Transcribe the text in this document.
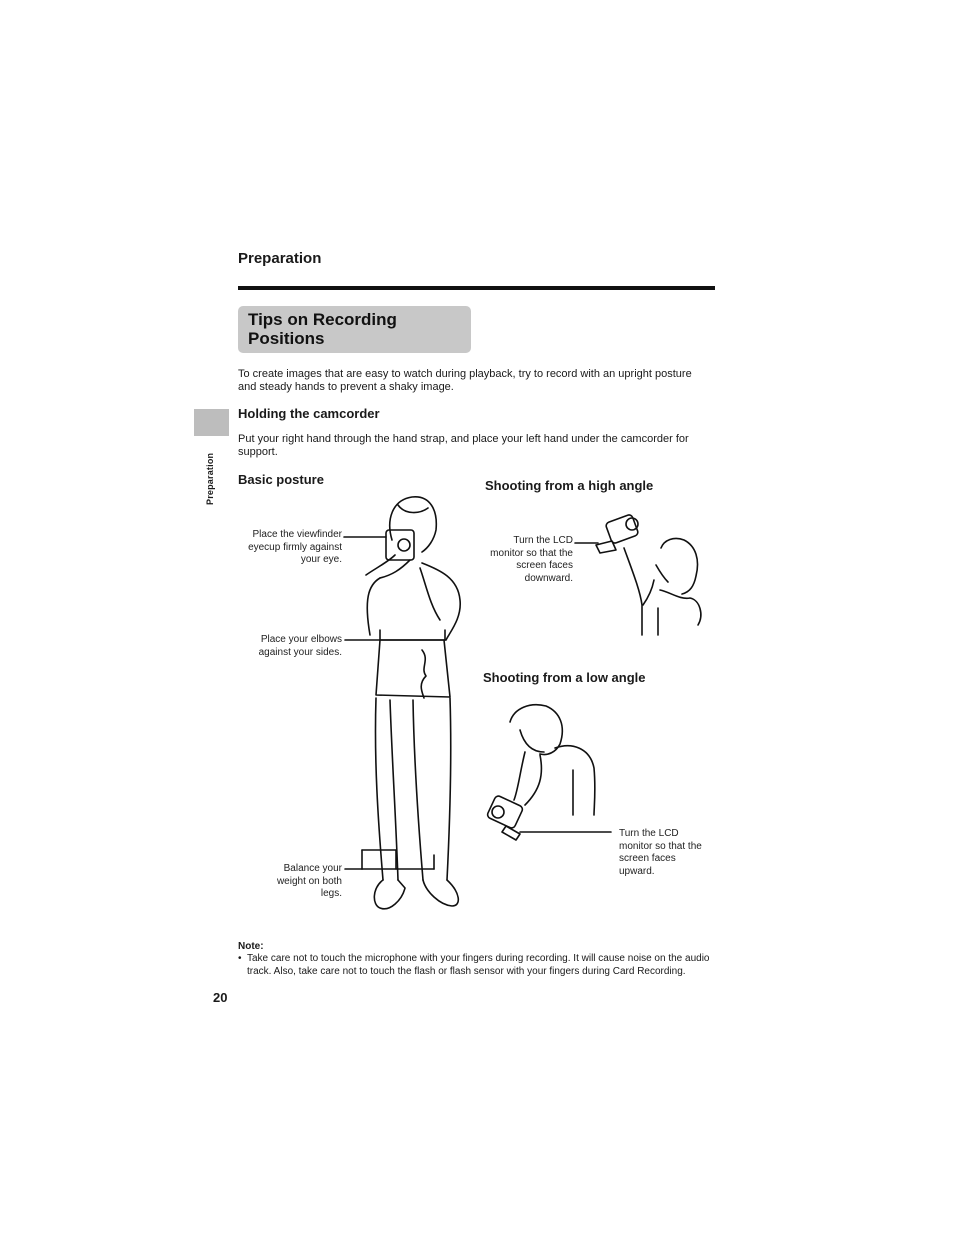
Preparation
Tips on Recording
Positions
To create images that are easy to watch during playback, try to record with an upright posture and steady hands to prevent a shaky image.
Preparation
Holding the camcorder
Put your right hand through the hand strap, and place your left hand under the camcorder for support.
Basic posture	Shooting from a high angle
Shooting from a low angle
Place the viewfinder eyecup firmly against your eye.
Place your elbows against your sides.
Balance your weight on both legs.
Turn the LCD monitor so that the screen faces downward.
Turn the LCD monitor so that the screen faces upward.
Note:
• Take care not to touch the microphone with your fingers during recording. It will cause noise on the audio track. Also, take care not to touch the flash or flash sensor with your fingers during Card Recording.
20
